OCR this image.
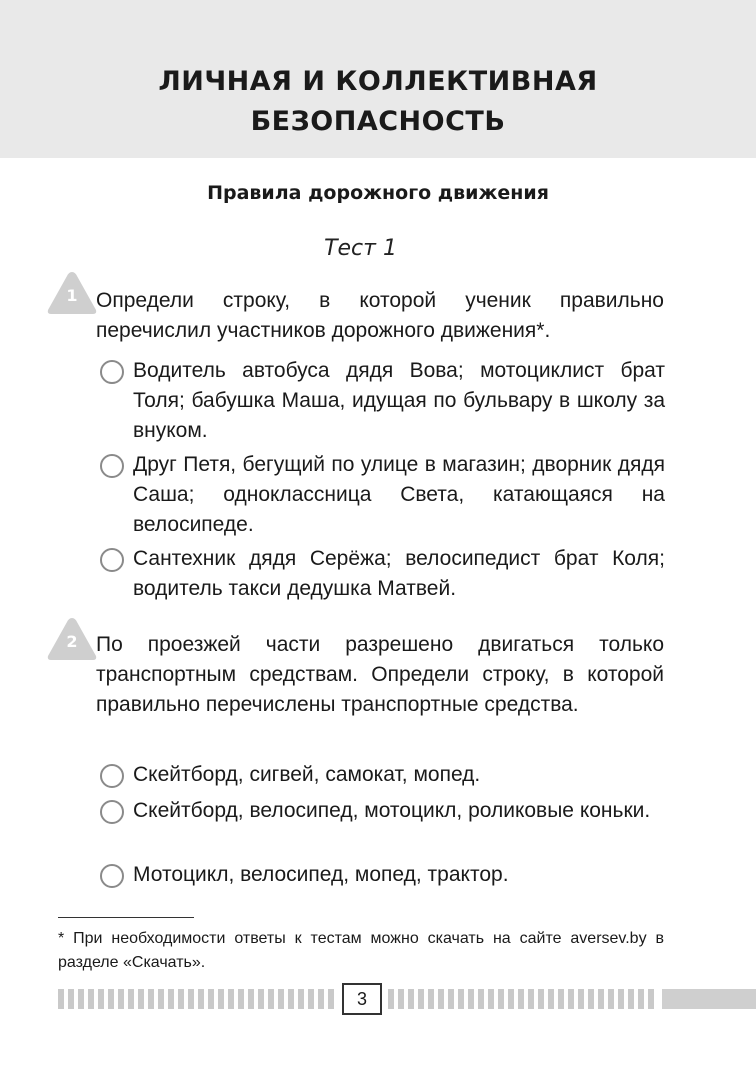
ЛИЧНАЯ И КОЛЛЕКТИВНАЯ
БЕЗОПАСНОСТЬ
Правила дорожного движения
Тест 1
1 Определи строку, в которой ученик правильно перечислил участников дорожного движения*.
Водитель автобуса дядя Вова; мотоциклист брат Толя; бабушка Маша, идущая по бульвару в школу за внуком.
Друг Петя, бегущий по улице в магазин; дворник дядя Саша; одноклассница Света, катающаяся на велосипеде.
Сантехник дядя Серёжа; велосипедист брат Коля; водитель такси дедушка Матвей.
2 По проезжей части разрешено двигаться только транспортным средствам. Определи строку, в которой правильно перечислены транспортные средства.
Скейтборд, сигвей, самокат, мопед.
Скейтборд, велосипед, мотоцикл, роликовые коньки.
Мотоцикл, велосипед, мопед, трактор.
* При необходимости ответы к тестам можно скачать на сайте aversev.by в разделе «Скачать».
3
